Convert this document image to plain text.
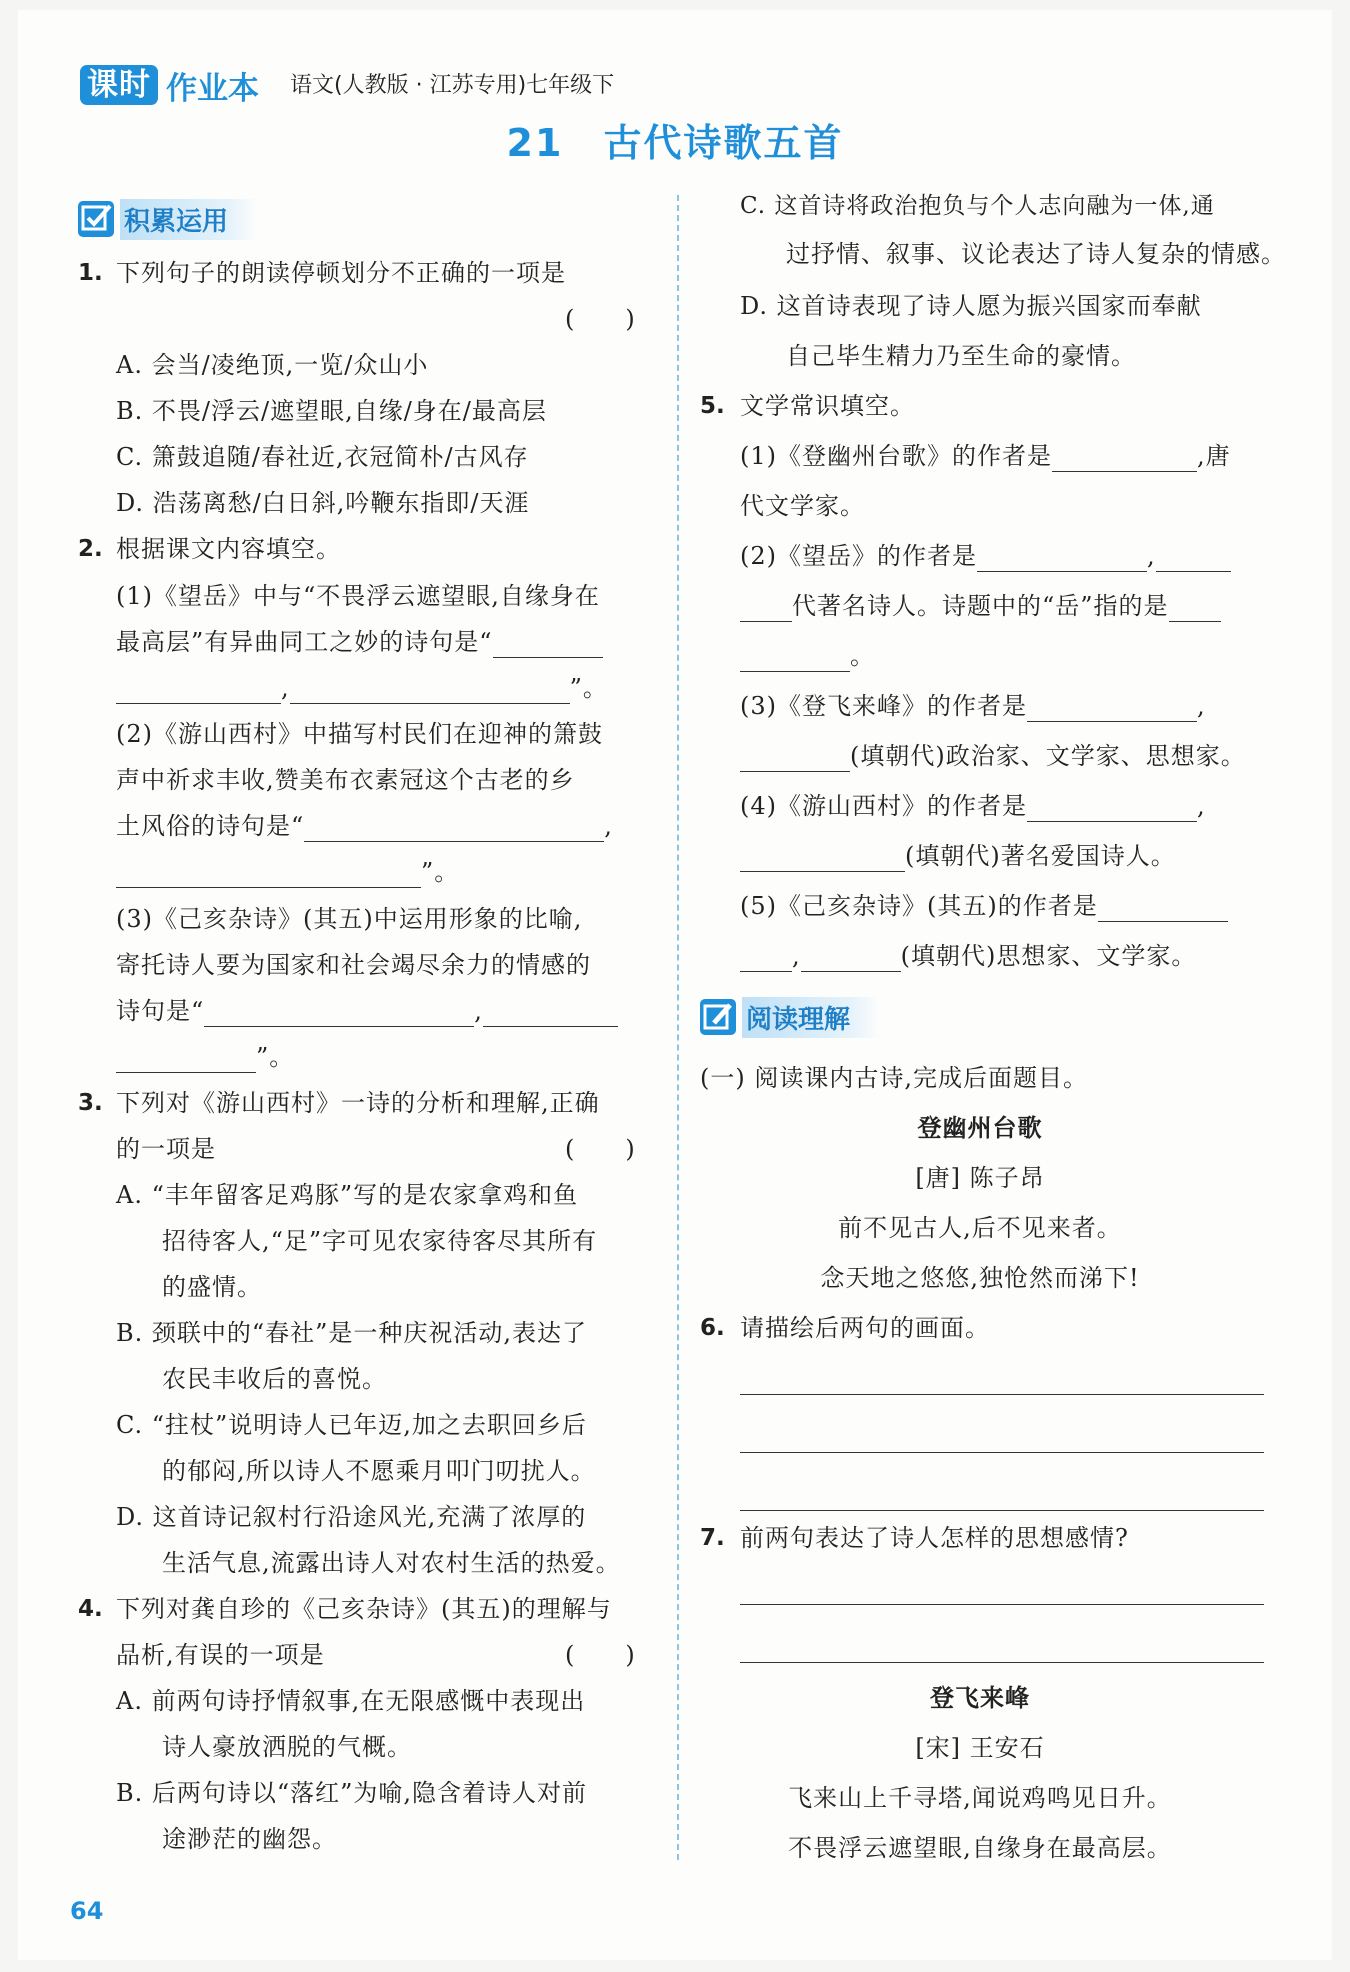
课时 作业本 语文(人教版 · 江苏专用)七年级下
21 古代诗歌五首
积累运用
1. 下列句子的朗读停顿划分不正确的一项是
(　　)
A. 会当/凌绝顶,一览/众山小
B. 不畏/浮云/遮望眼,自缘/身在/最高层
C. 箫鼓追随/春社近,衣冠简朴/古风存
D. 浩荡离愁/白日斜,吟鞭东指即/天涯
2. 根据课文内容填空。
(1)《望岳》中与“不畏浮云遮望眼,自缘身在
最高层”有异曲同工之妙的诗句是“
,	”。
(2)《游山西村》中描写村民们在迎神的箫鼓
声中祈求丰收,赞美布衣素冠这个古老的乡
土风俗的诗句是“	,
”。
(3)《己亥杂诗》(其五)中运用形象的比喻,
寄托诗人要为国家和社会竭尽余力的情感的
诗句是“	,
”。
3. 下列对《游山西村》一诗的分析和理解,正确
的一项是	(　　)
A. “丰年留客足鸡豚”写的是农家拿鸡和鱼
招待客人,“足”字可见农家待客尽其所有
的盛情。
B. 颈联中的“春社”是一种庆祝活动,表达了
农民丰收后的喜悦。
C. “拄杖”说明诗人已年迈,加之去职回乡后
的郁闷,所以诗人不愿乘月叩门叨扰人。
D. 这首诗记叙村行沿途风光,充满了浓厚的
生活气息,流露出诗人对农村生活的热爱。
4. 下列对龚自珍的《己亥杂诗》(其五)的理解与
品析,有误的一项是	(　　)
A. 前两句诗抒情叙事,在无限感慨中表现出
诗人豪放洒脱的气概。
B. 后两句诗以“落红”为喻,隐含着诗人对前
途渺茫的幽怨。
C. 这首诗将政治抱负与个人志向融为一体,通
过抒情、叙事、议论表达了诗人复杂的情感。
D. 这首诗表现了诗人愿为振兴国家而奉献
自己毕生精力乃至生命的豪情。
5. 文学常识填空。
(1)《登幽州台歌》的作者是	,唐
代文学家。
(2)《望岳》的作者是	,
代著名诗人。诗题中的“岳”指的是
。
(3)《登飞来峰》的作者是	,
(填朝代)政治家、文学家、思想家。
(4)《游山西村》的作者是	,
(填朝代)著名爱国诗人。
(5)《己亥杂诗》(其五)的作者是
,	(填朝代)思想家、文学家。
阅读理解
(一) 阅读课内古诗,完成后面题目。
登幽州台歌
[唐] 陈子昂
前不见古人,后不见来者。
念天地之悠悠,独怆然而涕下!
6. 请描绘后两句的画面。
7. 前两句表达了诗人怎样的思想感情?
登飞来峰
[宋] 王安石
飞来山上千寻塔,闻说鸡鸣见日升。
不畏浮云遮望眼,自缘身在最高层。
64
